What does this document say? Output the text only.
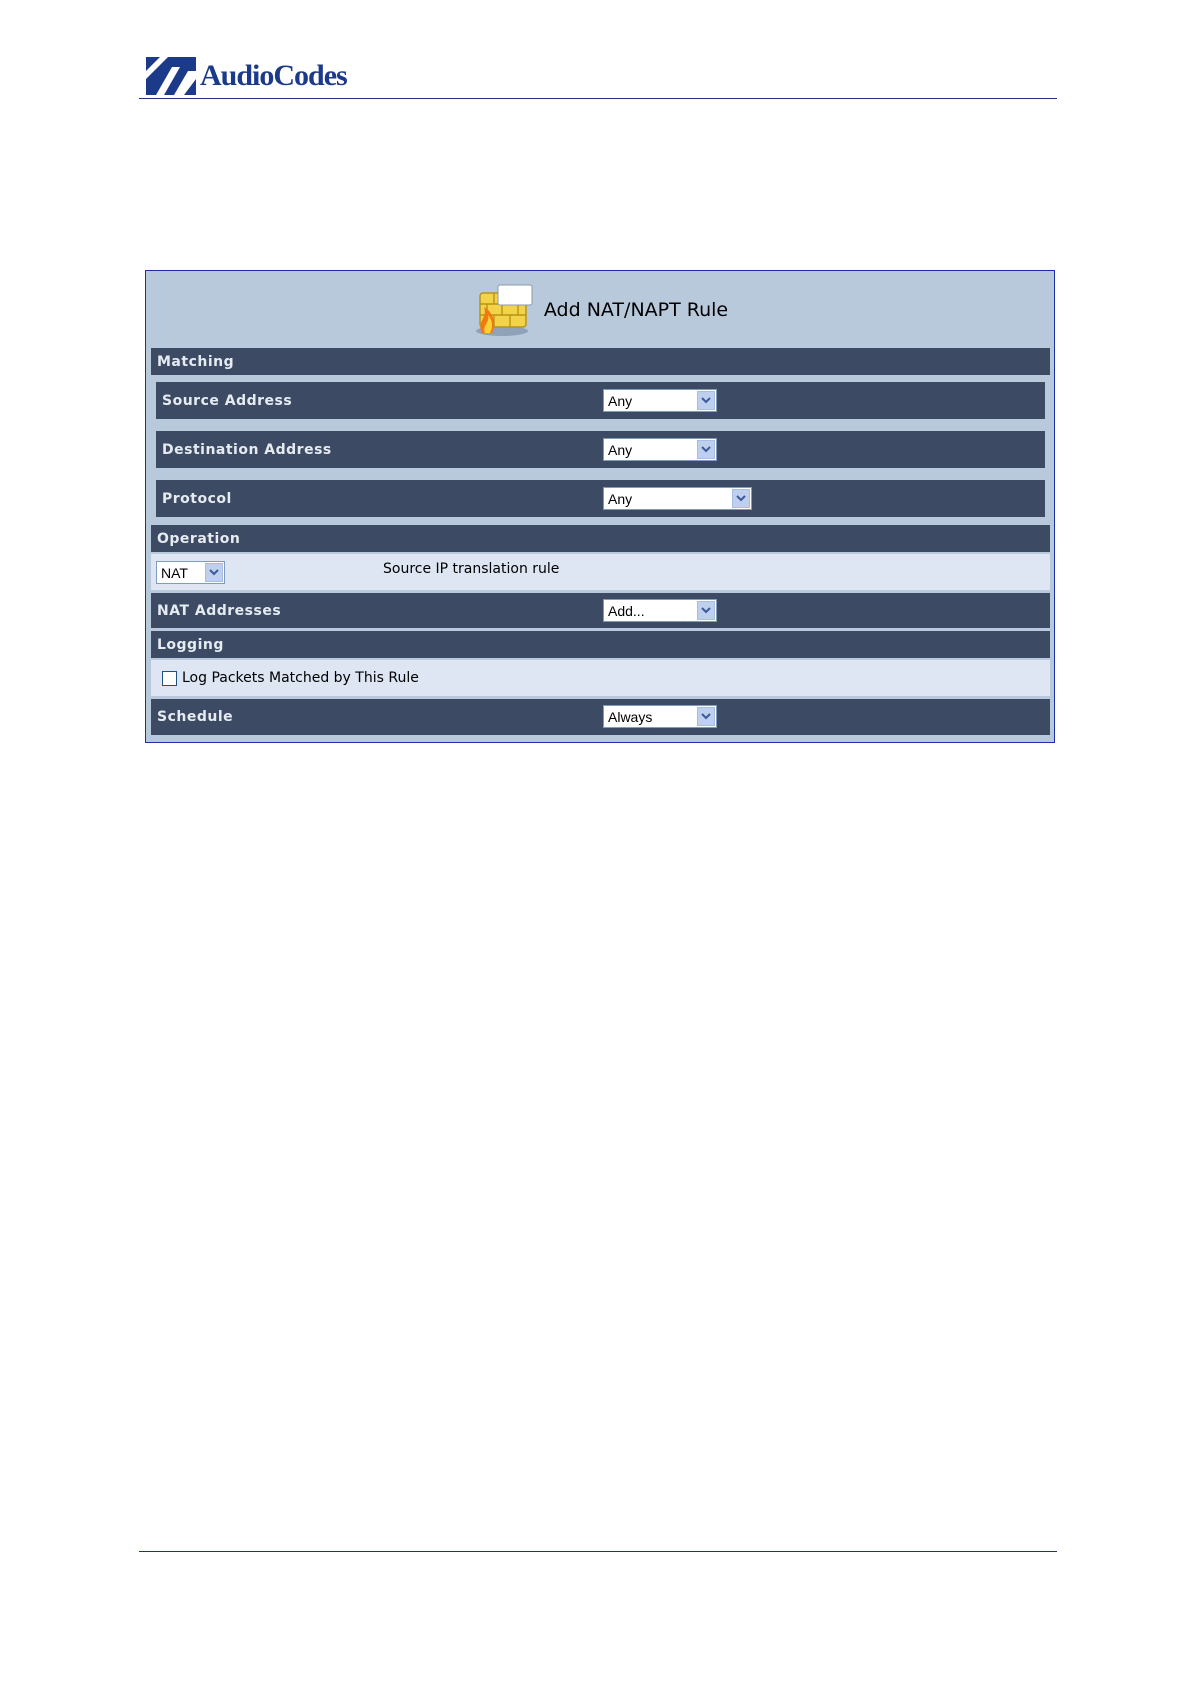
AudioCodes
Add NAT/NAPT Rule
Matching
Source Address	Any
Destination Address	Any
Protocol	Any
Operation
NAT	Source IP translation rule
NAT Addresses	Add...
Logging
Log Packets Matched by This Rule
Schedule	Always
